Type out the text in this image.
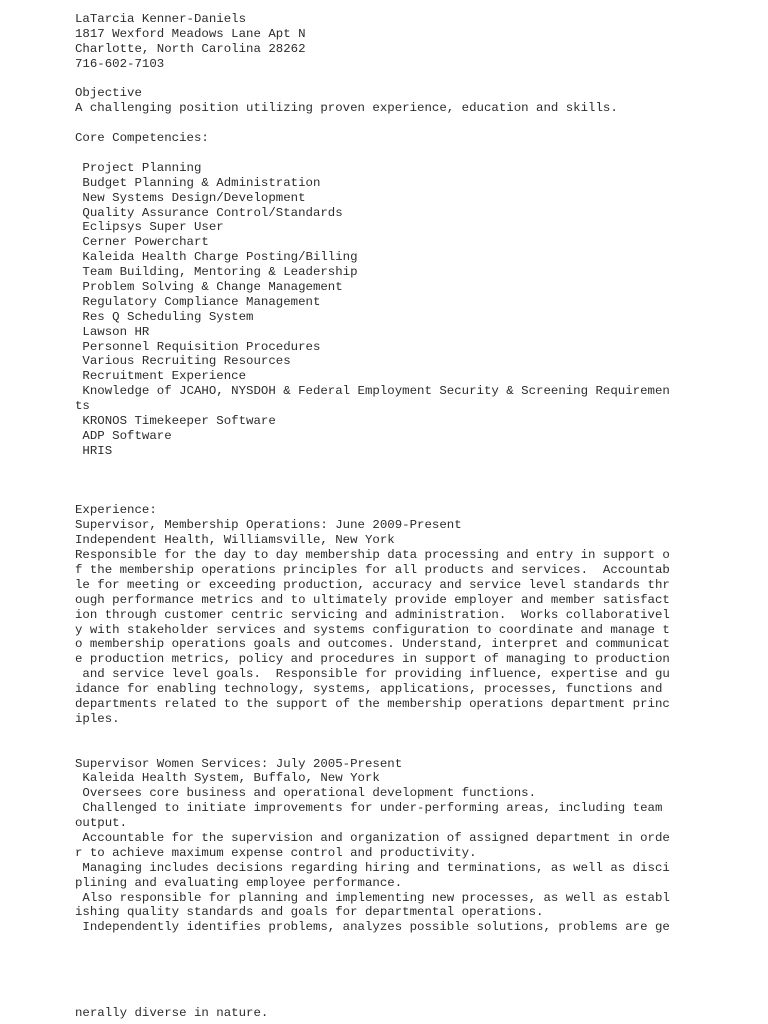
LaTarcia Kenner-Daniels
1817 Wexford Meadows Lane Apt N
Charlotte, North Carolina 28262
716-602-7103
Objective
A challenging position utilizing proven experience, education and skills.
Core Competencies:
Project Planning
Budget Planning & Administration
New Systems Design/Development
Quality Assurance Control/Standards
Eclipsys Super User
Cerner Powerchart
Kaleida Health Charge Posting/Billing
Team Building, Mentoring & Leadership
Problem Solving & Change Management
Regulatory Compliance Management
Res Q Scheduling System
Lawson HR
Personnel Requisition Procedures
Various Recruiting Resources
Recruitment Experience
Knowledge of JCAHO, NYSDOH & Federal Employment Security & Screening Requiremen
ts
KRONOS Timekeeper Software
ADP Software
HRIS
Experience:
Supervisor, Membership Operations: June 2009-Present
Independent Health, Williamsville, New York
Responsible for the day to day membership data processing and entry in support o
f the membership operations principles for all products and services.  Accountab
le for meeting or exceeding production, accuracy and service level standards thr
ough performance metrics and to ultimately provide employer and member satisfact
ion through customer centric servicing and administration.  Works collaborativel
y with stakeholder services and systems configuration to coordinate and manage t
o membership operations goals and outcomes. Understand, interpret and communicat
e production metrics, policy and procedures in support of managing to production
and service level goals.  Responsible for providing influence, expertise and gu
idance for enabling technology, systems, applications, processes, functions and
departments related to the support of the membership operations department princ
iples.
Supervisor Women Services: July 2005-Present
Kaleida Health System, Buffalo, New York
Oversees core business and operational development functions.
Challenged to initiate improvements for under-performing areas, including team
output.
Accountable for the supervision and organization of assigned department in orde
r to achieve maximum expense control and productivity.
Managing includes decisions regarding hiring and terminations, as well as disci
plining and evaluating employee performance.
Also responsible for planning and implementing new processes, as well as establ
ishing quality standards and goals for departmental operations.
Independently identifies problems, analyzes possible solutions, problems are ge
nerally diverse in nature.
